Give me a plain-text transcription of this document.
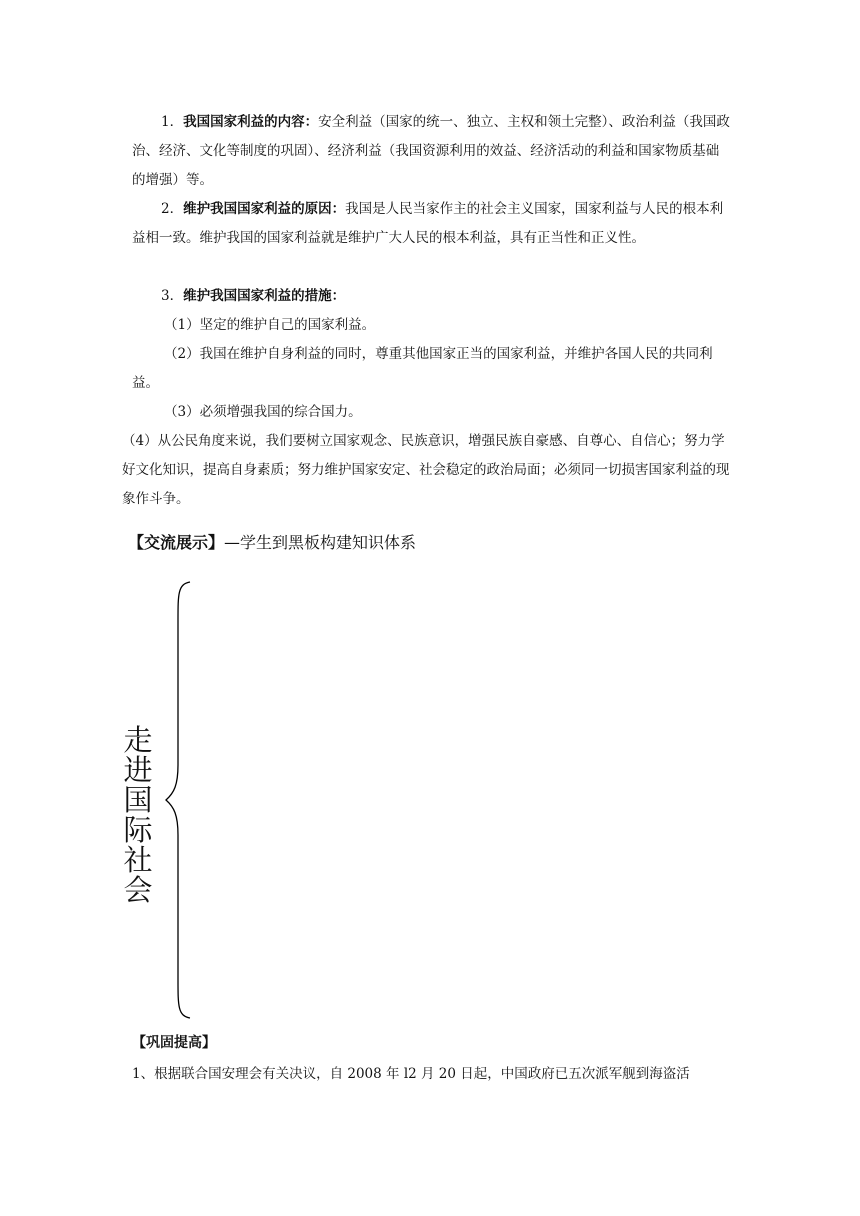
1．我国国家利益的内容：安全利益（国家的统一、独立、主权和领土完整）、政治利益（我国政治、经济、文化等制度的巩固）、经济利益（我国资源利用的效益、经济活动的利益和国家物质基础的增强）等。

2．维护我国国家利益的原因：我国是人民当家作主的社会主义国家，国家利益与人民的根本利益相一致。维护我国的国家利益就是维护广大人民的根本利益，具有正当性和正义性。

3．维护我国国家利益的措施：

（1）坚定的维护自己的国家利益。

（2）我国在维护自身利益的同时，尊重其他国家正当的国家利益，并维护各国人民的共同利益。

（3）必须增强我国的综合国力。

（4）从公民角度来说，我们要树立国家观念、民族意识，增强民族自豪感、自尊心、自信心；努力学好文化知识，提高自身素质；努力维护国家安定、社会稳定的政治局面；必须同一切损害国家利益的现象作斗争。

【交流展示】—学生到黑板构建知识体系
走
进
国
际
社
会
【巩固提高】

1、根据联合国安理会有关决议，自 2008 年 l2 月 20 日起，中国政府已五次派军舰到海盗活
